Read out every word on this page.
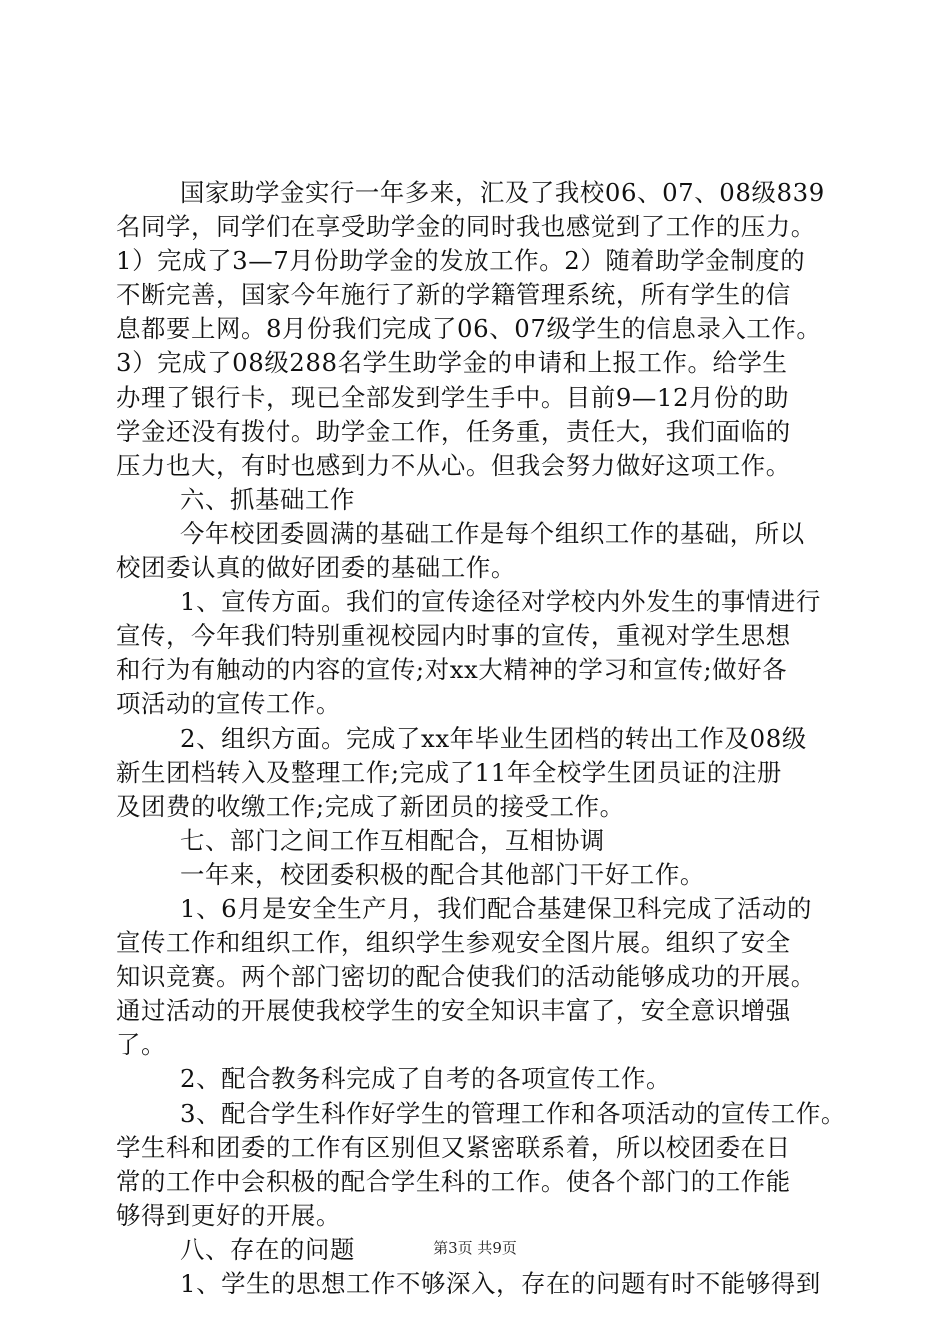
国家助学金实行一年多来，汇及了我校06、07、08级839
名同学，同学们在享受助学金的同时我也感觉到了工作的压力。
1）完成了3—7月份助学金的发放工作。2）随着助学金制度的
不断完善，国家今年施行了新的学籍管理系统，所有学生的信
息都要上网。8月份我们完成了06、07级学生的信息录入工作。
3）完成了08级288名学生助学金的申请和上报工作。给学生
办理了银行卡，现已全部发到学生手中。目前9—12月份的助
学金还没有拨付。助学金工作，任务重，责任大，我们面临的
压力也大，有时也感到力不从心。但我会努力做好这项工作。
六、抓基础工作
今年校团委圆满的基础工作是每个组织工作的基础，所以
校团委认真的做好团委的基础工作。
1、宣传方面。我们的宣传途径对学校内外发生的事情进行
宣传，今年我们特别重视校园内时事的宣传，重视对学生思想
和行为有触动的内容的宣传;对xx大精神的学习和宣传;做好各
项活动的宣传工作。
2、组织方面。完成了xx年毕业生团档的转出工作及08级
新生团档转入及整理工作;完成了11年全校学生团员证的注册
及团费的收缴工作;完成了新团员的接受工作。
七、部门之间工作互相配合，互相协调
一年来，校团委积极的配合其他部门干好工作。
1、6月是安全生产月，我们配合基建保卫科完成了活动的
宣传工作和组织工作，组织学生参观安全图片展。组织了安全
知识竞赛。两个部门密切的配合使我们的活动能够成功的开展。
通过活动的开展使我校学生的安全知识丰富了，安全意识增强
了。
2、配合教务科完成了自考的各项宣传工作。
3、配合学生科作好学生的管理工作和各项活动的宣传工作。
学生科和团委的工作有区别但又紧密联系着，所以校团委在日
常的工作中会积极的配合学生科的工作。使各个部门的工作能
够得到更好的开展。
八、存在的问题
1、学生的思想工作不够深入，存在的问题有时不能够得到
第3页 共9页
